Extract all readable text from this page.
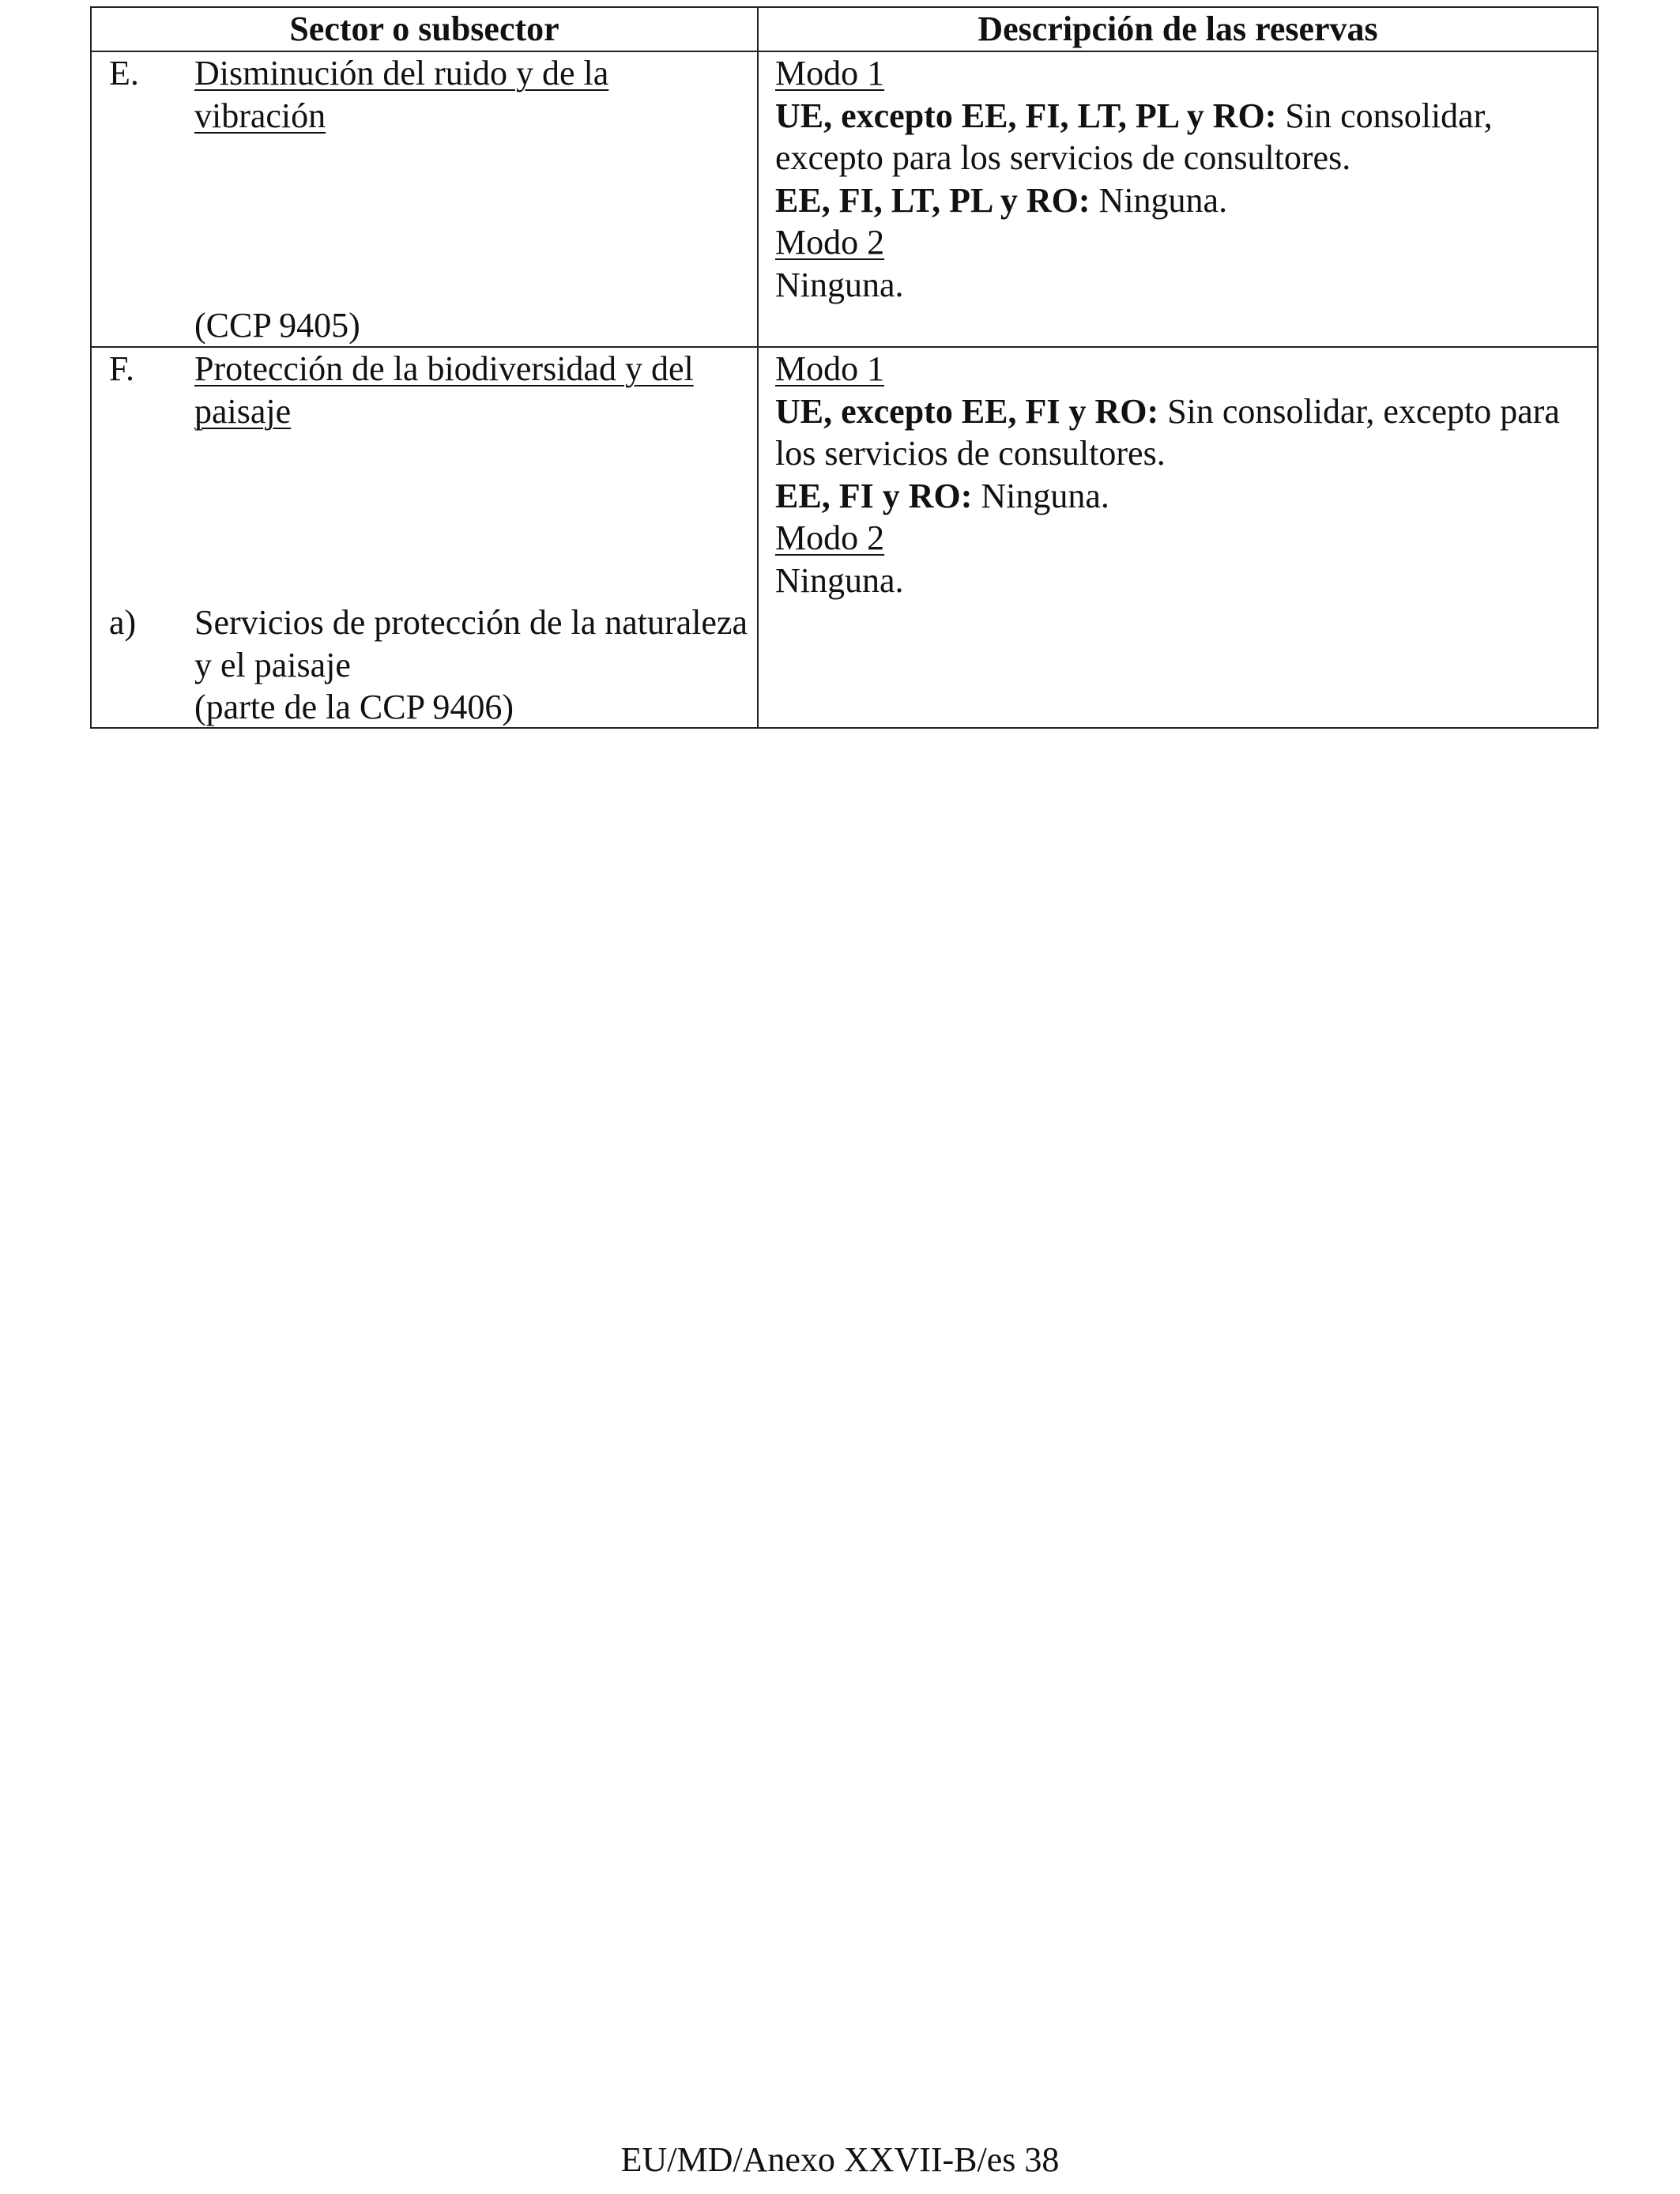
Sector o subsector	Descripción de las reservas

E. Disminución del ruido y de la vibración
(CCP 9405)	Modo 1
UE, excepto EE, FI, LT, PL y RO: Sin consolidar, excepto para los servicios de consultores.
EE, FI, LT, PL y RO: Ninguna.
Modo 2
Ninguna.

F. Protección de la biodiversidad y del paisaje
a) Servicios de protección de la naturaleza y el paisaje
(parte de la CCP 9406)	Modo 1
UE, excepto EE, FI y RO: Sin consolidar, excepto para los servicios de consultores.
EE, FI y RO: Ninguna.
Modo 2
Ninguna.
EU/MD/Anexo XXVII-B/es 38
